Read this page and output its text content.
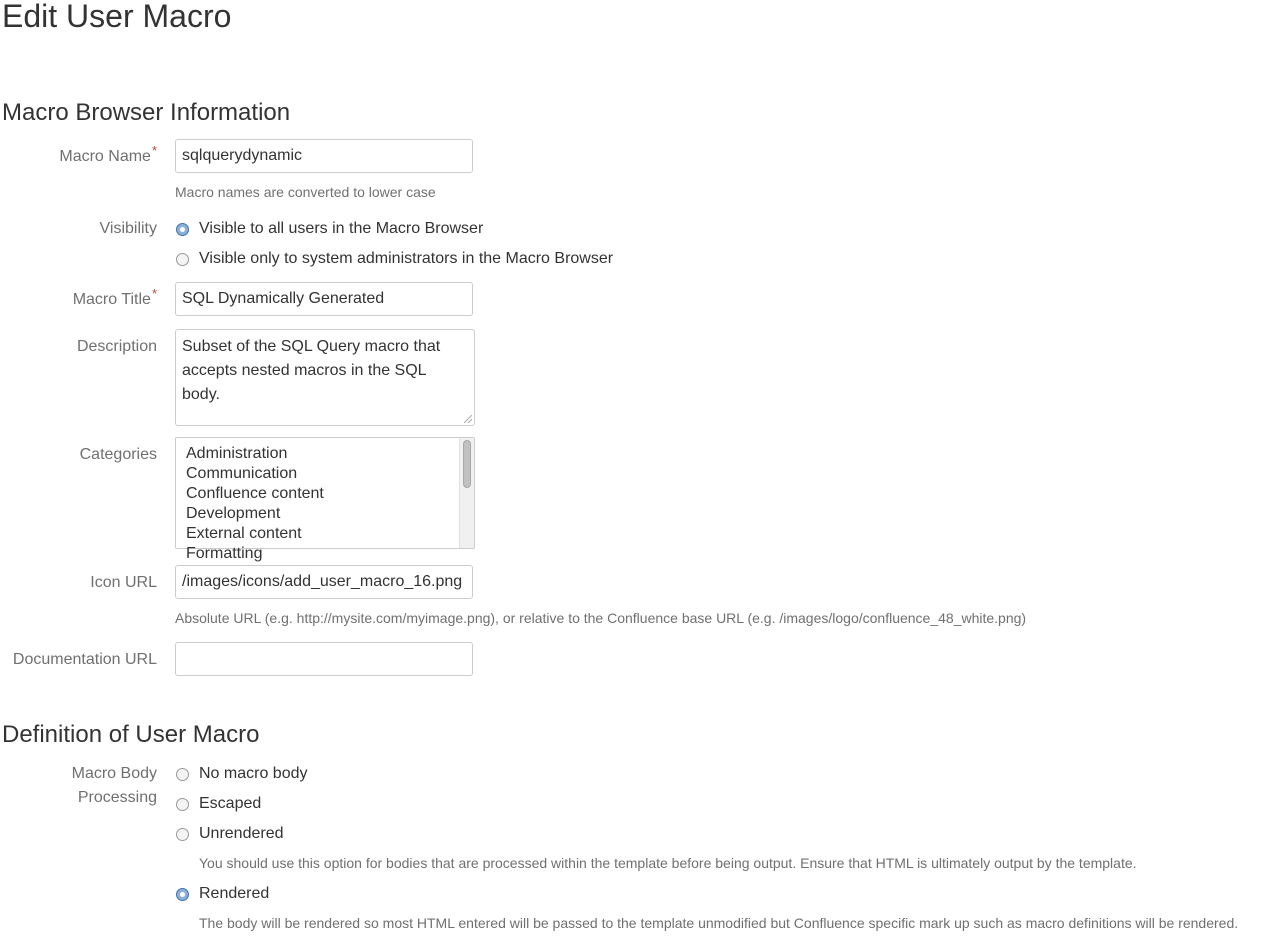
Edit User Macro
Macro Browser Information
Macro Name*	sqlquerydynamic
Macro names are converted to lower case
Visibility	Visible to all users in the Macro Browser
Visible only to system administrators in the Macro Browser
Macro Title*	SQL Dynamically Generated
Description Subset of the SQL Query macro that
accepts nested macros in the SQL
body.
Categories	Administration
Communication
Confluence content
Development
External content
Formatting
Icon URL	/images/icons/add_user_macro_16.png
Absolute URL (e.g. http://mysite.com/myimage.png), or relative to the Confluence base URL (e.g. /images/logo/confluence_48_white.png)
Documentation URL
Definition of User Macro
Macro Body
Processing
No macro body
Escaped
Unrendered
You should use this option for bodies that are processed within the template before being output. Ensure that HTML is ultimately output by the template.
Rendered
The body will be rendered so most HTML entered will be passed to the template unmodified but Confluence specific mark up such as macro definitions will be rendered.
